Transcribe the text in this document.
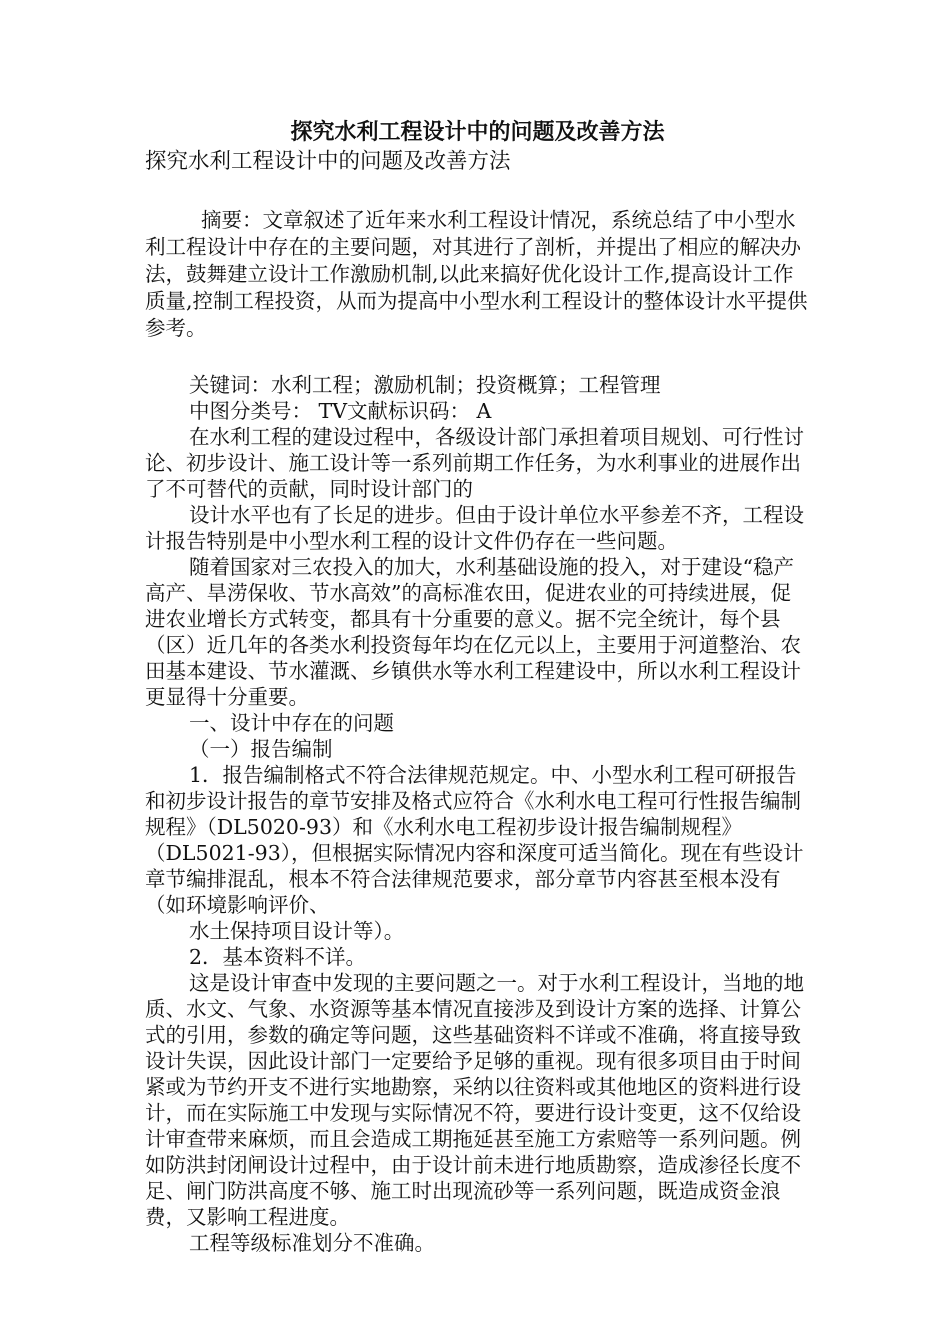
探究水利工程设计中的问题及改善方法

探究水利工程设计中的问题及改善方法

摘要：文章叙述了近年来水利工程设计情况，系统总结了中小型水利工程设计中存在的主要问题，对其进行了剖析，并提出了相应的解决办法，鼓舞建立设计工作激励机制,以此来搞好优化设计工作,提高设计工作质量,控制工程投资，从而为提高中小型水利工程设计的整体设计水平提供参考。

关键词：水利工程；激励机制；投资概算；工程管理

中图分类号： TV文献标识码： A

在水利工程的建设过程中，各级设计部门承担着项目规划、可行性讨论、初步设计、施工设计等一系列前期工作任务，为水利事业的进展作出了不可替代的贡献，同时设计部门的

设计水平也有了长足的进步。但由于设计单位水平参差不齐，工程设计报告特别是中小型水利工程的设计文件仍存在一些问题。

随着国家对三农投入的加大，水利基础设施的投入，对于建设“稳产高产、旱涝保收、节水高效”的高标准农田，促进农业的可持续进展，促进农业增长方式转变，都具有十分重要的意义。据不完全统计，每个县（区）近几年的各类水利投资每年均在亿元以上，主要用于河道整治、农田基本建设、节水灌溉、乡镇供水等水利工程建设中，所以水利工程设计更显得十分重要。

一、设计中存在的问题

（一）报告编制

1．报告编制格式不符合法律规范规定。中、小型水利工程可研报告和初步设计报告的章节安排及格式应符合《水利水电工程可行性报告编制规程》（DL5020-93）和《水利水电工程初步设计报告编制规程》（DL5021-93），但根据实际情况内容和深度可适当简化。现在有些设计章节编排混乱，根本不符合法律规范要求，部分章节内容甚至根本没有（如环境影响评价、

水土保持项目设计等）。

2．基本资料不详。

这是设计审查中发现的主要问题之一。对于水利工程设计，当地的地质、水文、气象、水资源等基本情况直接涉及到设计方案的选择、计算公式的引用，参数的确定等问题，这些基础资料不详或不准确，将直接导致设计失误，因此设计部门一定要给予足够的重视。现有很多项目由于时间紧或为节约开支不进行实地勘察，采纳以往资料或其他地区的资料进行设计，而在实际施工中发现与实际情况不符，要进行设计变更，这不仅给设计审查带来麻烦，而且会造成工期拖延甚至施工方索赔等一系列问题。例如防洪封闭闸设计过程中，由于设计前未进行地质勘察，造成渗径长度不足、闸门防洪高度不够、施工时出现流砂等一系列问题，既造成资金浪费，又影响工程进度。

工程等级标准划分不准确。
